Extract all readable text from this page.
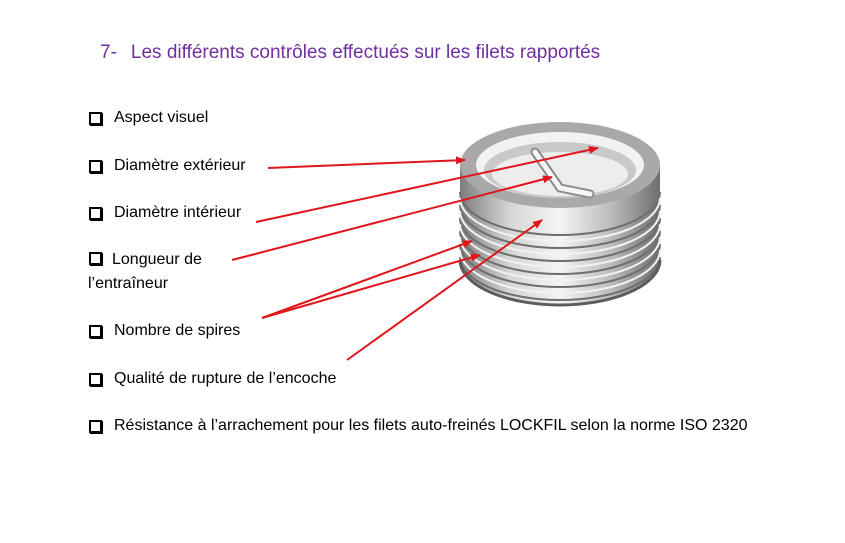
7- Les différents contrôles effectués sur les filets rapportés
Aspect visuel
Diamètre extérieur
Diamètre intérieur
Longueur de
l’entraîneur
Nombre de spires
Qualité de rupture de l’encoche
Résistance à l’arrachement pour les filets auto-freinés LOCKFIL selon la norme ISO 2320
